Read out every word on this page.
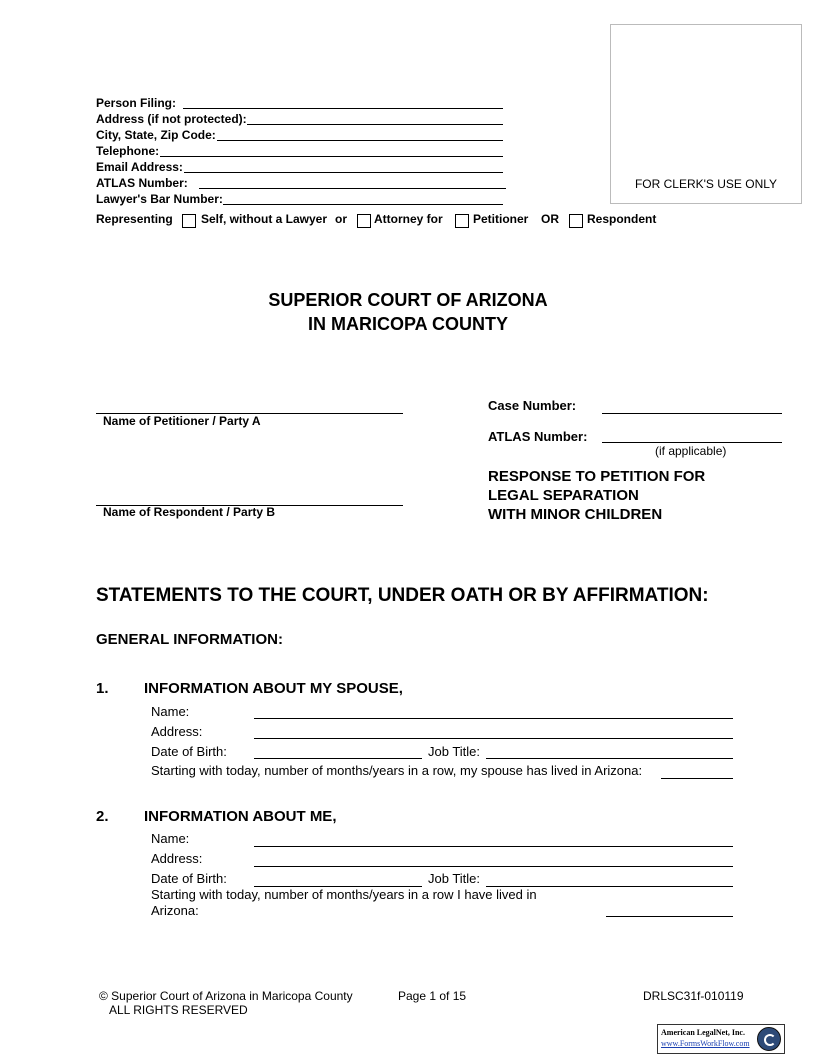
Person Filing:
Address (if not protected):
City, State, Zip Code:
Telephone:
Email Address:
ATLAS Number:
Lawyer's Bar Number:
Representing Self, without a Lawyer or Attorney for	Petitioner OR Respondent
FOR CLERK'S USE ONLY
SUPERIOR COURT OF ARIZONA
IN MARICOPA COUNTY
Name of Petitioner / Party A
Name of Respondent / Party B
Case Number:
ATLAS Number:
(if applicable)
RESPONSE TO PETITION FOR
LEGAL SEPARATION
WITH MINOR CHILDREN
STATEMENTS TO THE COURT, UNDER OATH OR BY AFFIRMATION:
GENERAL INFORMATION:
1. INFORMATION ABOUT MY SPOUSE,
Name:
Address:
Date of Birth:	Job Title:
Starting with today, number of months/years in a row, my spouse has lived in Arizona:
2. INFORMATION ABOUT ME,
Name:
Address:
Date of Birth:	Job Title:
Starting with today, number of months/years in a row I have lived in
Arizona:
© Superior Court of Arizona in Maricopa County
ALL RIGHTS RESERVED
Page 1 of 15	DRLSC31f-010119
American LegalNet, Inc.
www.FormsWorkFlow.com
